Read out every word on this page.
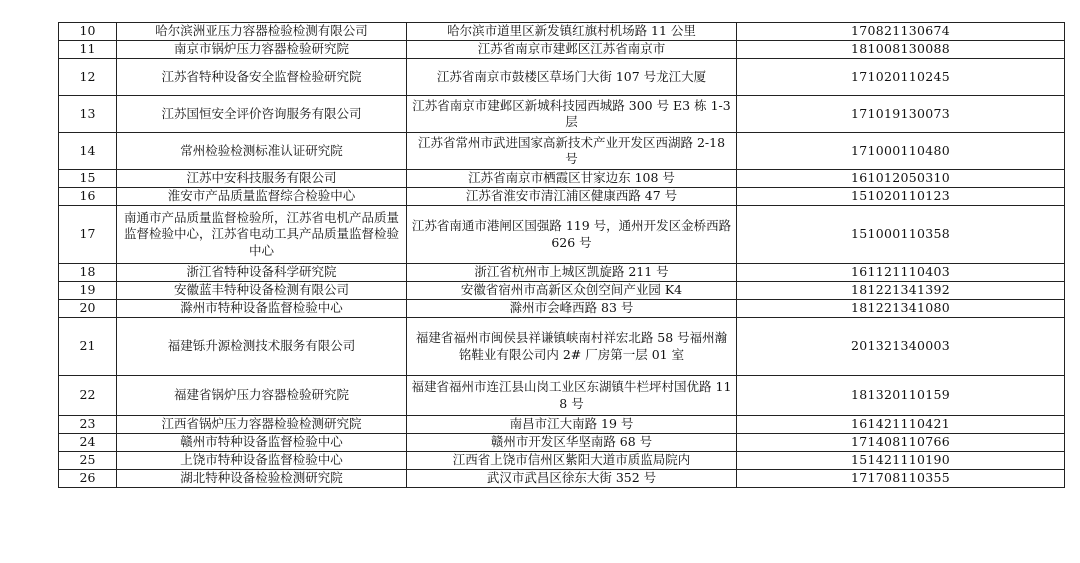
10	哈尔滨洲亚压力容器检验检测有限公司	哈尔滨市道里区新发镇红旗村机场路 11 公里	170821130674
11	南京市锅炉压力容器检验研究院	江苏省南京市建邺区江苏省南京市	181008130088
12	江苏省特种设备安全监督检验研究院	江苏省南京市鼓楼区草场门大街 107 号龙江大厦	171020110245
13	江苏国恒安全评价咨询服务有限公司	江苏省南京市建邺区新城科技园西城路 300 号 E3 栋 1-3 层	171019130073
14	常州检验检测标准认证研究院	江苏省常州市武进国家高新技术产业开发区西湖路 2-18 号	171000110480
15	江苏中安科技服务有限公司	江苏省南京市栖霞区甘家边东 108 号	161012050310
16	淮安市产品质量监督综合检验中心	江苏省淮安市清江浦区健康西路 47 号	151020110123
17	南通市产品质量监督检验所，江苏省电机产品质量监督检验中心，江苏省电动工具产品质量监督检验中心	江苏省南通市港闸区国强路 119 号，通州开发区金桥西路 626 号	151000110358
18	浙江省特种设备科学研究院	浙江省杭州市上城区凯旋路 211 号	161121110403
19	安徽蓝丰特种设备检测有限公司	安徽省宿州市高新区众创空间产业园 K4	181221341392
20	滁州市特种设备监督检验中心	滁州市会峰西路 83 号	181221341080
21	福建铄升源检测技术服务有限公司	福建省福州市闽侯县祥谦镇峡南村祥宏北路 58 号福州瀚铭鞋业有限公司内 2# 厂房第一层 01 室	201321340003
22	福建省锅炉压力容器检验研究院	福建省福州市连江县山岗工业区东湖镇牛栏坪村国优路 118 号	181320110159
23	江西省锅炉压力容器检验检测研究院	南昌市江大南路 19 号	161421110421
24	赣州市特种设备监督检验中心	赣州市开发区华坚南路 68 号	171408110766
25	上饶市特种设备监督检验中心	江西省上饶市信州区紫阳大道市质监局院内	151421110190
26	湖北特种设备检验检测研究院	武汉市武昌区徐东大街 352 号	171708110355
